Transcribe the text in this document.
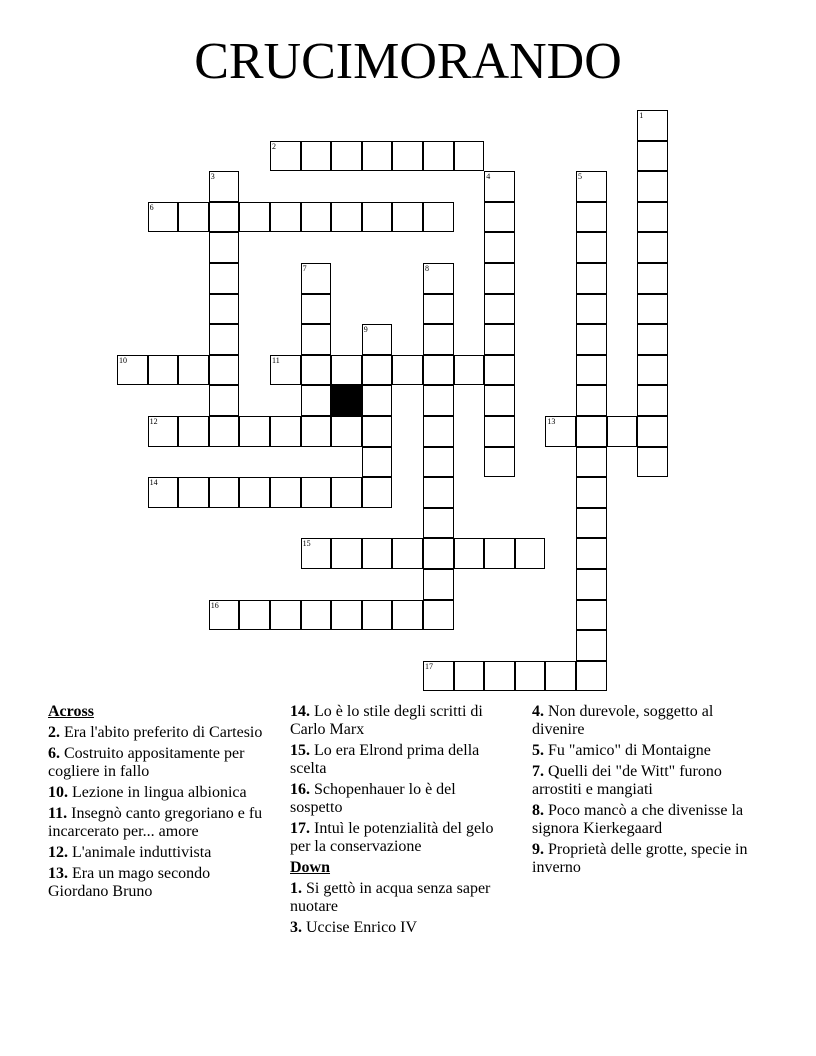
CRUCIMORANDO
2
6
10	11
12	13
14
15
16
17
1
3	4	5
7	8
9
Across
2. Era l'abito preferito di Cartesio
6. Costruito appositamente per cogliere in fallo
10. Lezione in lingua albionica
11. Insegnò canto gregoriano e fu incarcerato per... amore
12. L'animale induttivista
13. Era un mago secondo Giordano Bruno
14. Lo è lo stile degli scritti di Carlo Marx
15. Lo era Elrond prima della scelta
16. Schopenhauer lo è del sospetto
17. Intuì le potenzialità del gelo per la conservazione
Down
1. Si gettò in acqua senza saper nuotare
3. Uccise Enrico IV
4. Non durevole, soggetto al divenire
5. Fu "amico" di Montaigne
7. Quelli dei "de Witt" furono arrostiti e mangiati
8. Poco mancò a che divenisse la signora Kierkegaard
9. Proprietà delle grotte, specie in inverno
